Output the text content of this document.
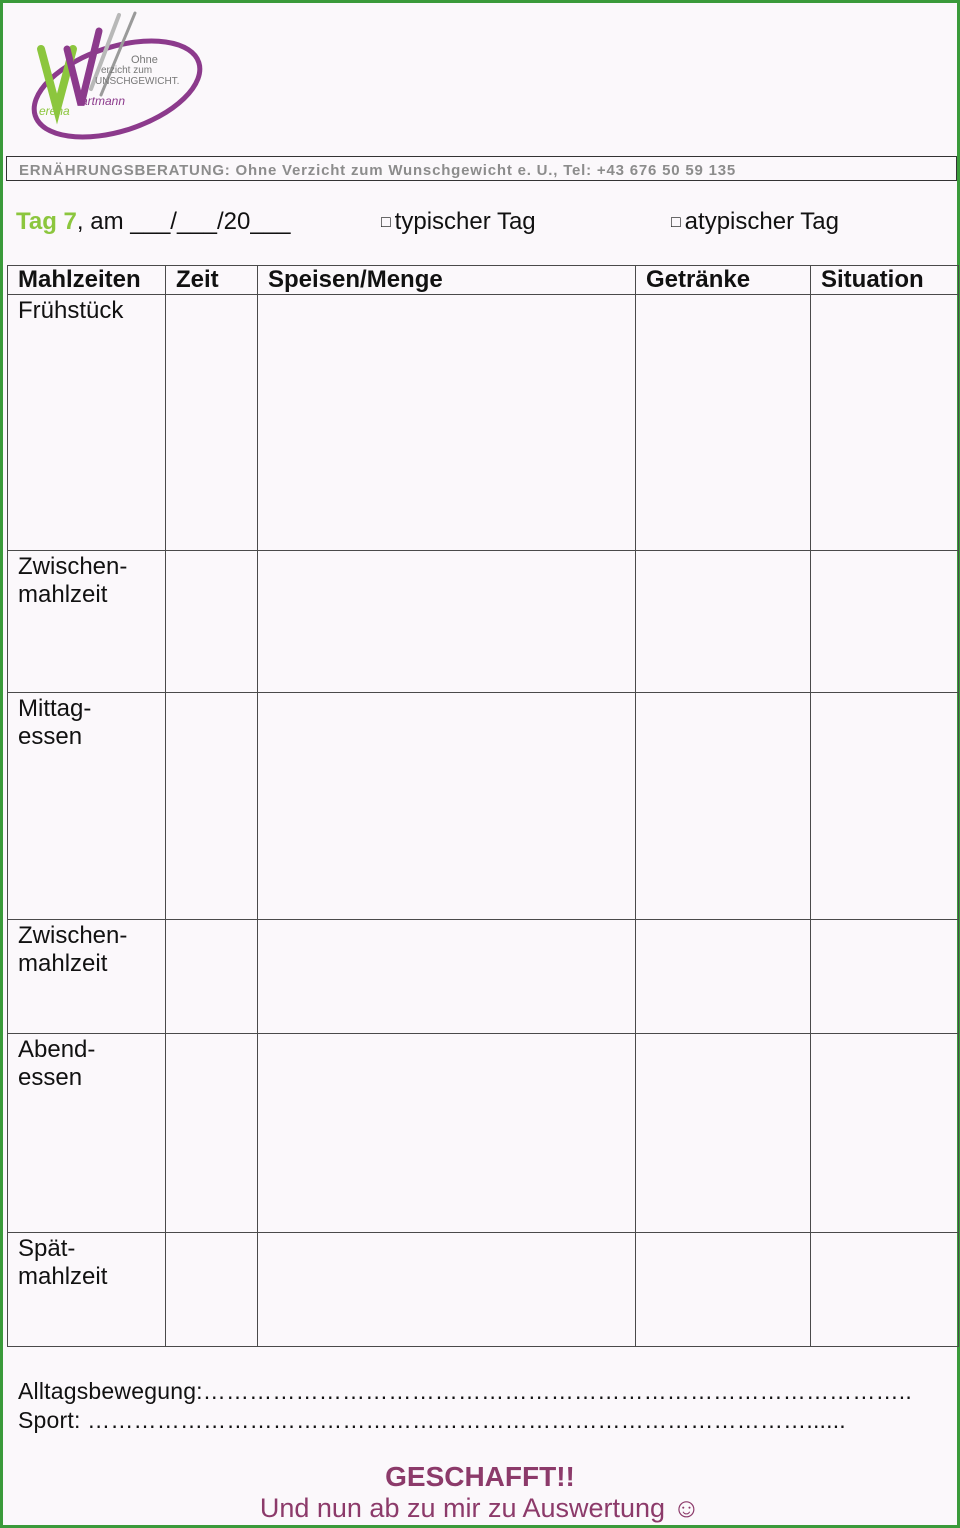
Ohne
erzicht zum
UNSCHGEWICHT.
artmann
erena
ERNÄHRUNGSBERATUNG: Ohne Verzicht zum Wunschgewicht e. U., Tel: +43 676 50 59 135
Tag 7, am ___/___/20___	□ typischer Tag	□ atypischer Tag
Mahlzeiten	Zeit	Speisen/Menge	Getränke	Situation

Frühstück				

Zwischen-
mahlzeit				

Mittag-
essen				

Zwischen-
mahlzeit				

Abend-
essen				

Spät-
mahlzeit				

Alltagsbewegung:………………………………………………………………………………..
Sport: …………………………………………………………………………………......
GESCHAFFT!!
Und nun ab zu mir zu Auswertung ☺
